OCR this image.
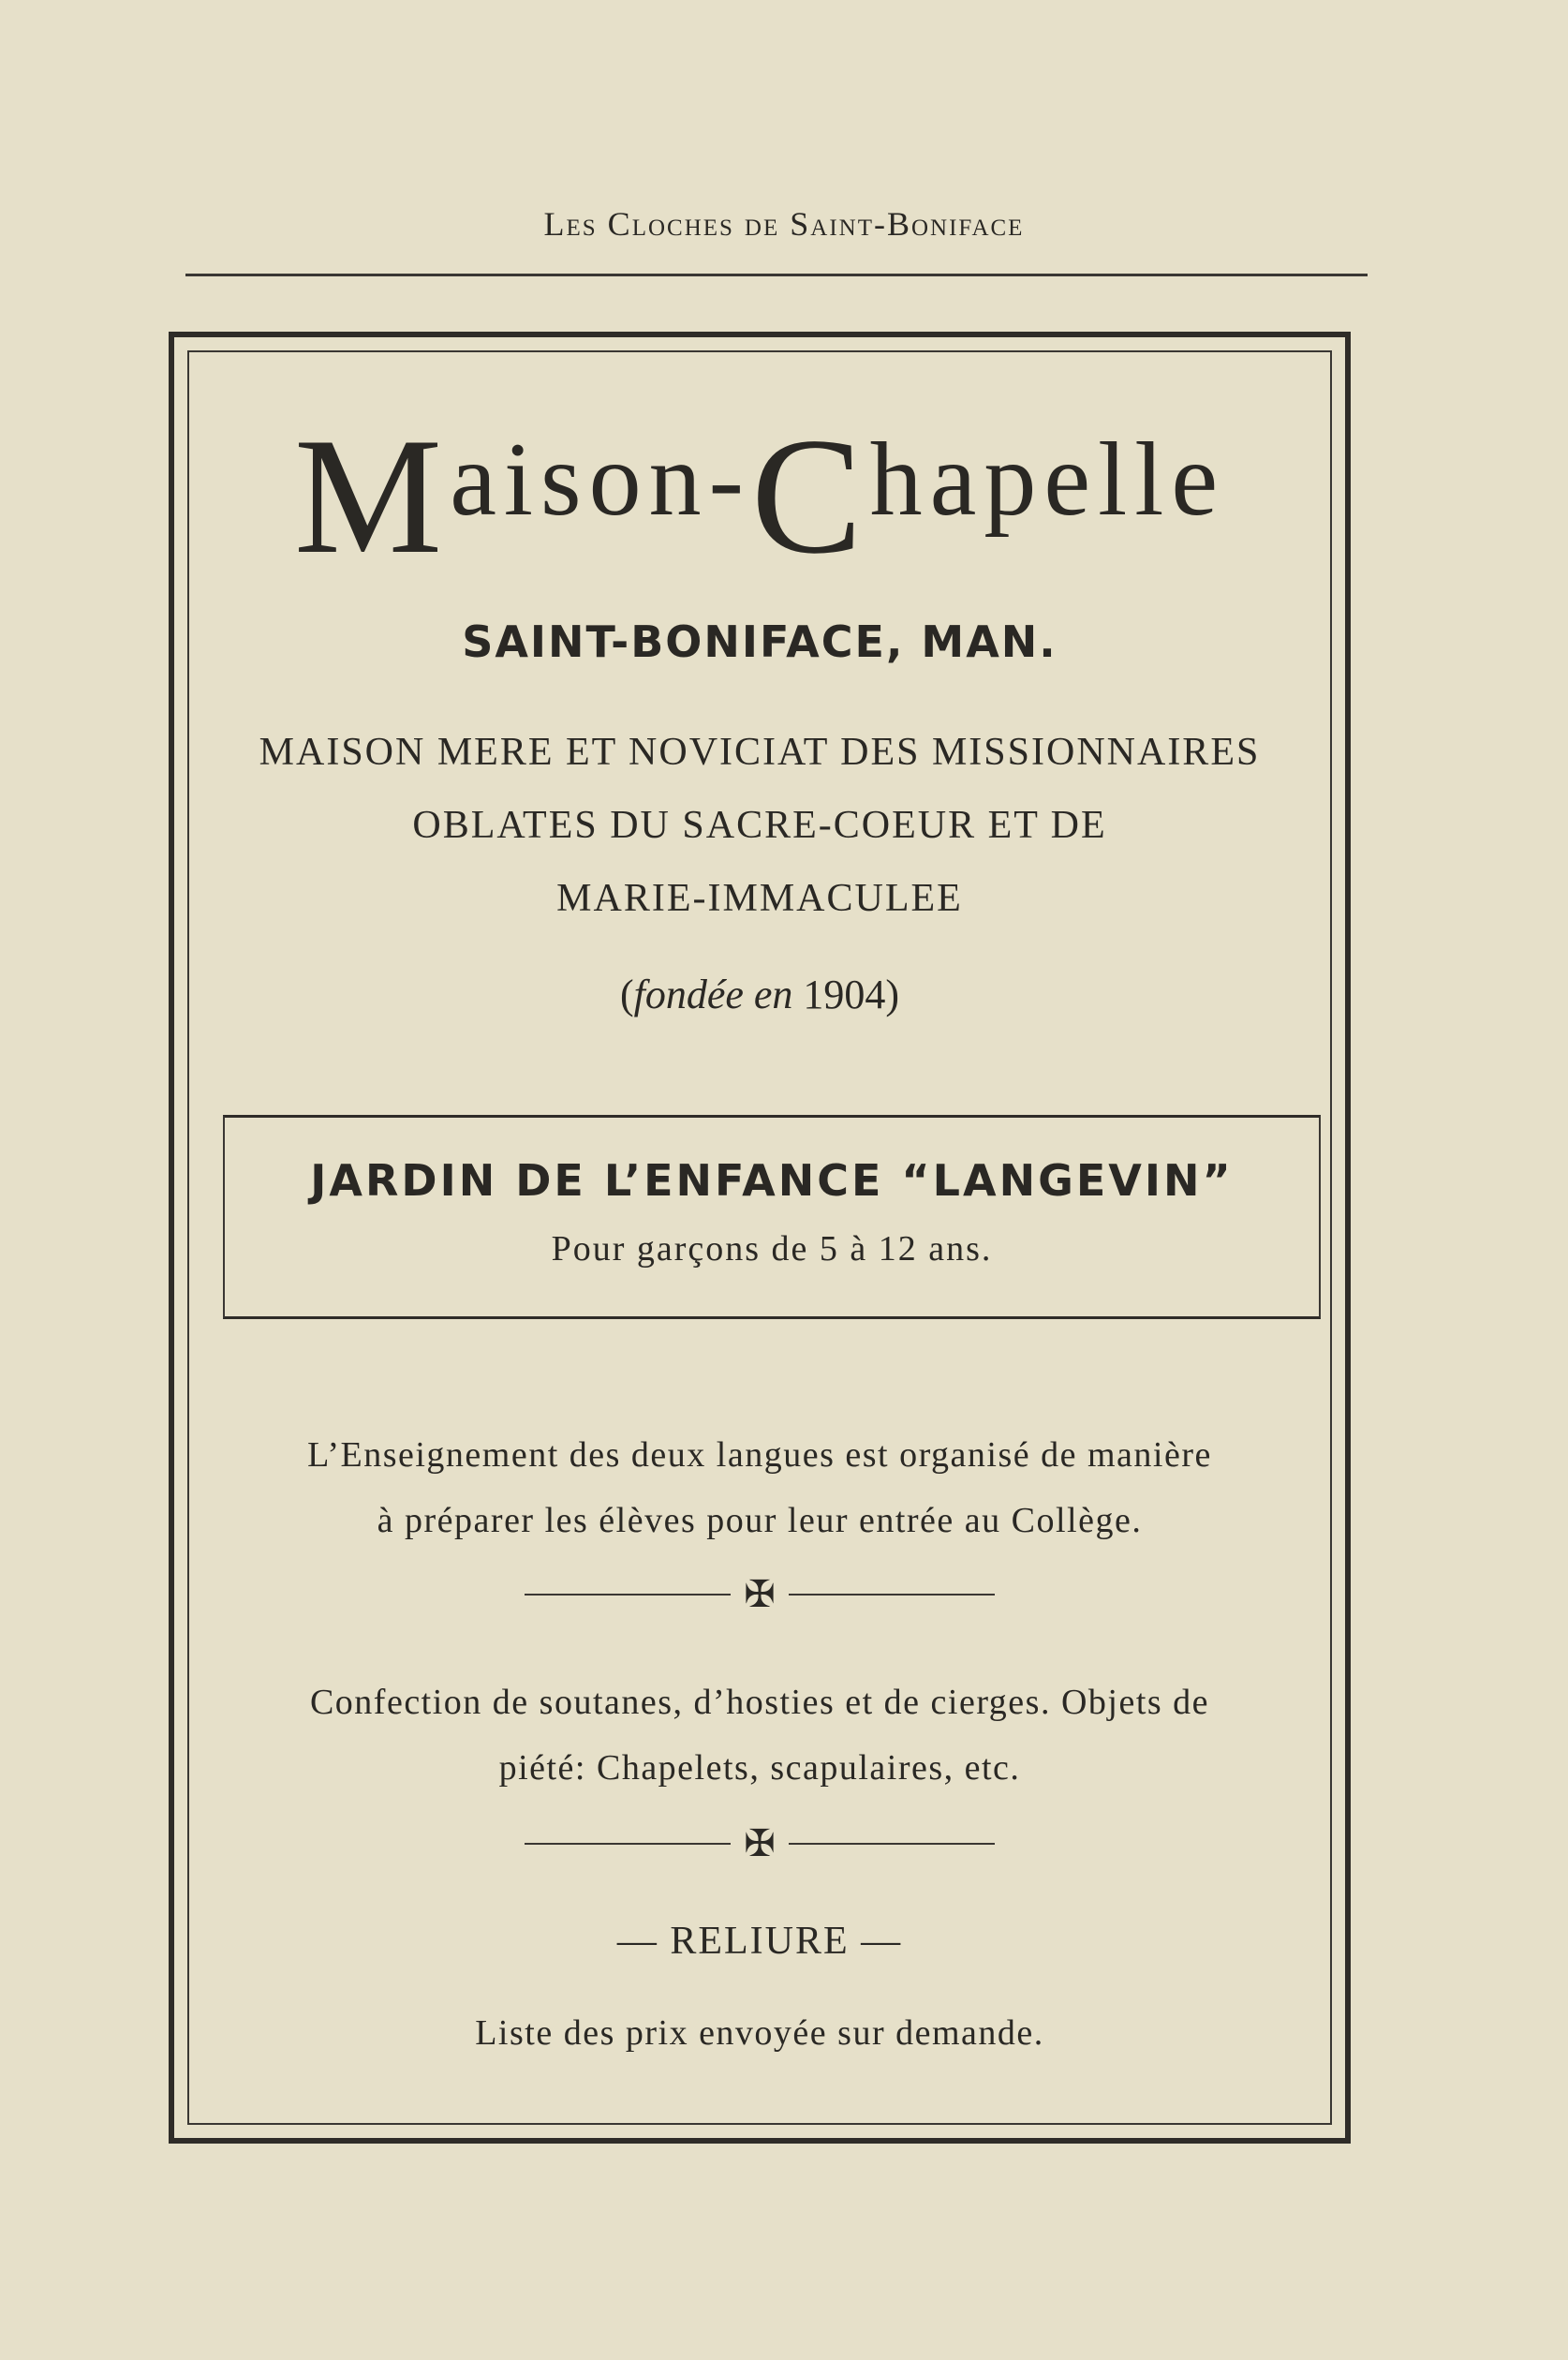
Les Cloches de Saint-Boniface
Maison-Chapelle
SAINT-BONIFACE, MAN.
MAISON MERE ET NOVICIAT DES MISSIONNAIRES
OBLATES DU SACRE-COEUR ET DE
MARIE-IMMACULEE
(fondée en 1904)
JARDIN DE L’ENFANCE “LANGEVIN”
Pour garçons de 5 à 12 ans.
L’Enseignement des deux langues est organisé de manière
à préparer les élèves pour leur entrée au Collège.
✠
Confection de soutanes, d’hosties et de cierges. Objets de
piété: Chapelets, scapulaires, etc.
✠
— RELIURE —
Liste des prix envoyée sur demande.
